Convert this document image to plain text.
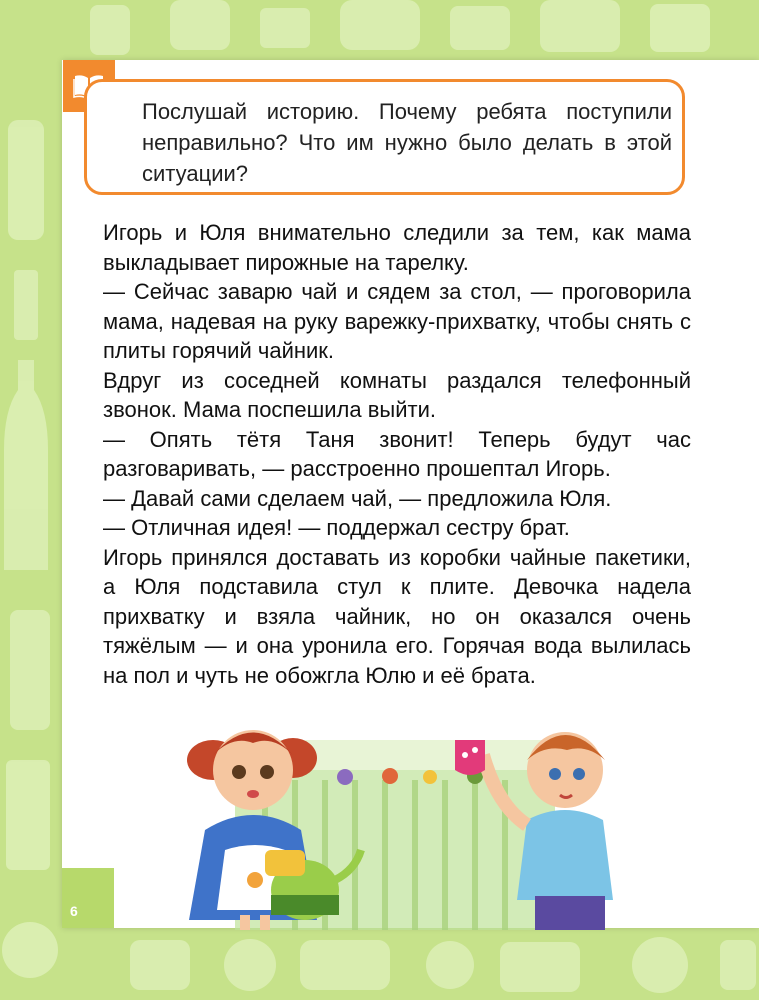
6
Послушай историю. Почему ребята поступили неправильно? Что им нужно было делать в этой ситуации?

Игорь и Юля внимательно следили за тем, как мама выкладывает пирожные на тарелку.

— Сейчас заварю чай и сядем за стол, — проговорила мама, надевая на руку варежку-прихватку, чтобы снять с плиты горячий чайник.

Вдруг из соседней комнаты раздался телефонный звонок. Мама поспешила выйти.

— Опять тётя Таня звонит! Теперь будут час разговаривать, — расстроенно прошептал Игорь.

— Давай сами сделаем чай, — предложила Юля.

— Отличная идея! — поддержал сестру брат.

Игорь принялся доставать из коробки чайные пакетики, а Юля подставила стул к плите. Девочка надела прихватку и взяла чайник, но он оказался очень тяжёлым — и она уронила его. Горячая вода вылилась на пол и чуть не обожгла Юлю и её брата.
